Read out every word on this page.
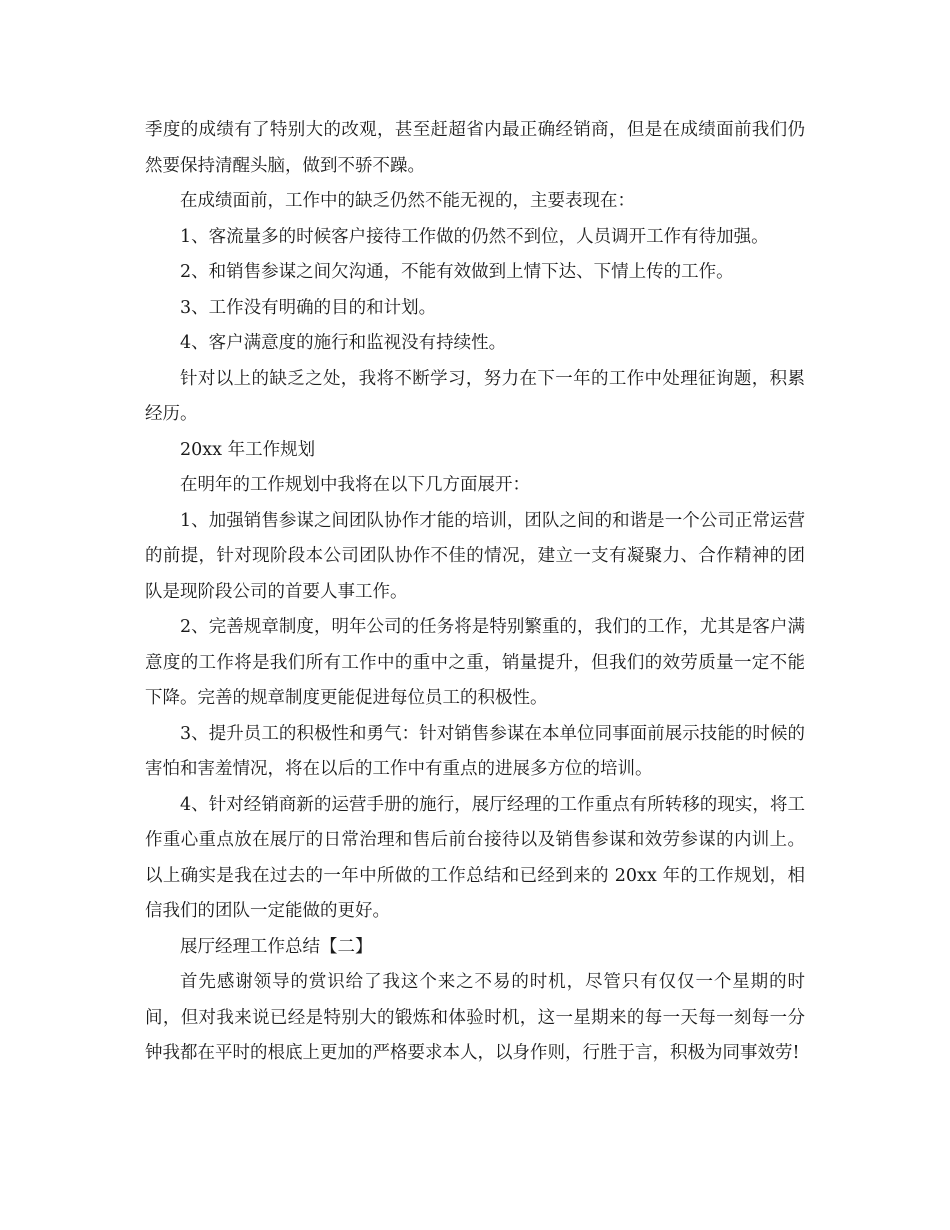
季度的成绩有了特别大的改观，甚至赶超省内最正确经销商，但是在成绩面前我们仍然要保持清醒头脑，做到不骄不躁。

在成绩面前，工作中的缺乏仍然不能无视的，主要表现在：

1、客流量多的时候客户接待工作做的仍然不到位，人员调开工作有待加强。

2、和销售参谋之间欠沟通，不能有效做到上情下达、下情上传的工作。

3、工作没有明确的目的和计划。

4、客户满意度的施行和监视没有持续性。

针对以上的缺乏之处，我将不断学习，努力在下一年的工作中处理征询题，积累经历。

20xx 年工作规划

在明年的工作规划中我将在以下几方面展开：

1、加强销售参谋之间团队协作才能的培训，团队之间的和谐是一个公司正常运营的前提，针对现阶段本公司团队协作不佳的情况，建立一支有凝聚力、合作精神的团队是现阶段公司的首要人事工作。

2、完善规章制度，明年公司的任务将是特别繁重的，我们的工作，尤其是客户满意度的工作将是我们所有工作中的重中之重，销量提升，但我们的效劳质量一定不能下降。完善的规章制度更能促进每位员工的积极性。

3、提升员工的积极性和勇气：针对销售参谋在本单位同事面前展示技能的时候的害怕和害羞情况，将在以后的工作中有重点的进展多方位的培训。

4、针对经销商新的运营手册的施行，展厅经理的工作重点有所转移的现实，将工作重心重点放在展厅的日常治理和售后前台接待以及销售参谋和效劳参谋的内训上。以上确实是我在过去的一年中所做的工作总结和已经到来的 20xx 年的工作规划，相信我们的团队一定能做的更好。

展厅经理工作总结【二】

首先感谢领导的赏识给了我这个来之不易的时机，尽管只有仅仅一个星期的时间，但对我来说已经是特别大的锻炼和体验时机，这一星期来的每一天每一刻每一分钟我都在平时的根底上更加的严格要求本人，以身作则，行胜于言，积极为同事效劳!
